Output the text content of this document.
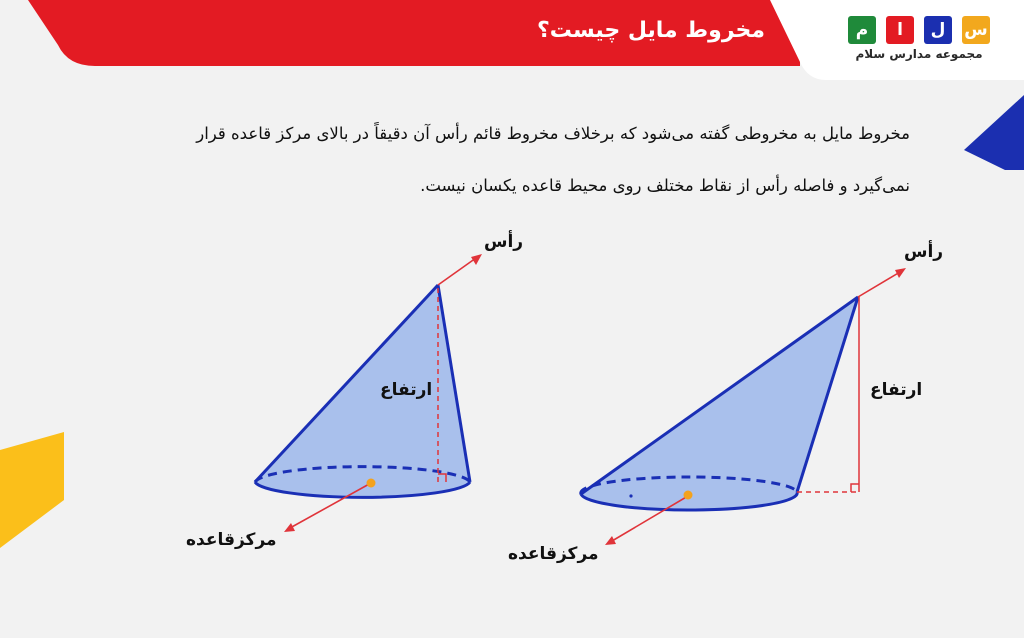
مخروط مایل چیست؟	م	ا	ل	س
مجموعه مدارس سلام
مخروط مایل به مخروطی گفته می‌شود که برخلاف مخروط قائم رأس آن دقیقاً در بالای مرکز قاعده قرار
نمی‌گیرد و فاصله رأس از نقاط مختلف روی محیط قاعده یکسان نیست.
رأس
ارتفاع
مرکزقاعده
رأس
ارتفاع
مرکزقاعده
